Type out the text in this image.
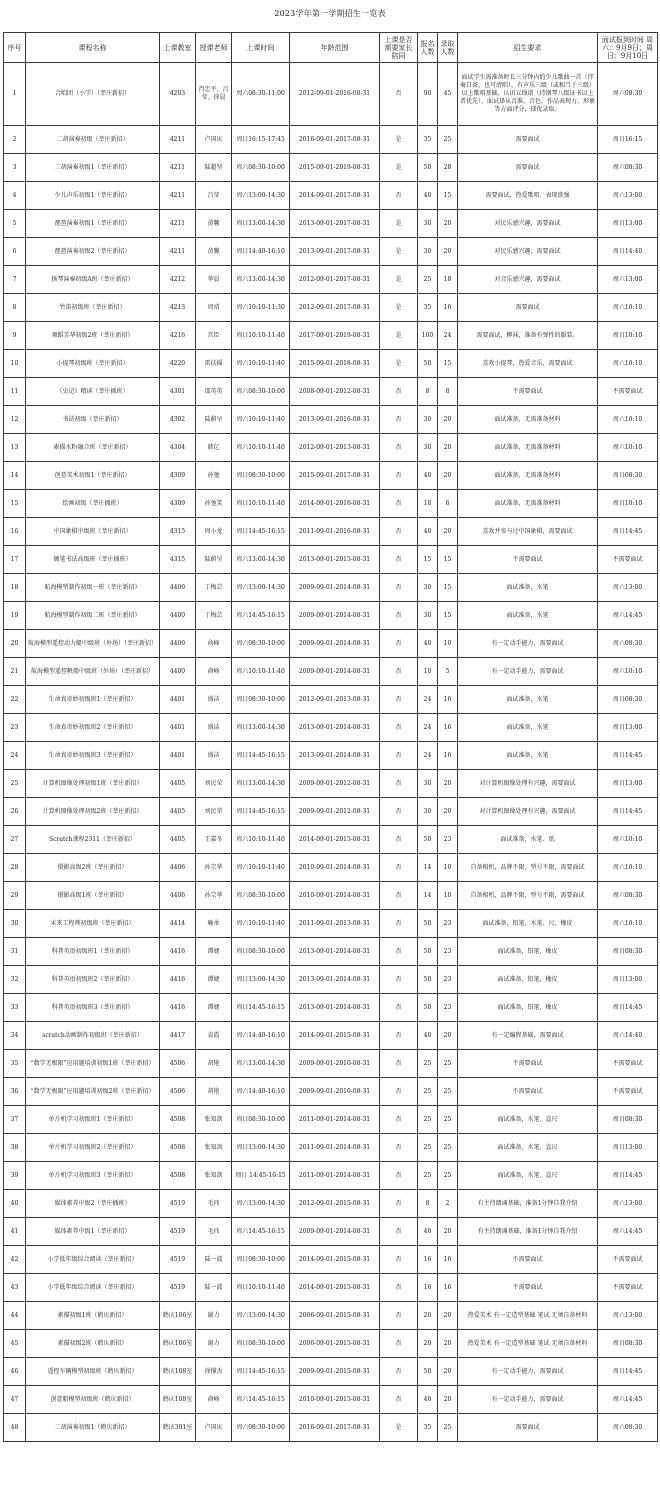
2023学年第一学期招生一览表
序号	课程名称	上课教室	授课老师	上课时间	年龄范围	上课是否需要家长陪同	报名人数	录取人数	招生要求	面试报到时间 周六：9月9日；周日：9月10日
1	合唱团（小学）（莘庄新招）	4203	肖忠平、吕莹、徐晨	周六08:30-11:00	2012-09-01-2016-08-31	否	90	45	面试学生需准备时长三分钟内的少儿歌曲一首（伴奏自备，也可清唱），有声乐三级（或相当于三级）以上歌唱基础、认识五线谱（持钢琴八级证书以上者优先），面试择从音准、音色、作品表现力、形象等方面评分，择优录取。	周六08:30
2	二胡演奏初级（莘庄新招）	4211	卢国庆	周日16:15-17:45	2016-09-01-2017-08-31	是	35	25	需要面试	周日16:15
3	二胡演奏初级1（莘庄新招）	4211	陆超坚	周六08:30-10:00	2015-09-01-2019-08-31	是	50	28	需要面试	周六08:30
4	少儿声乐初级1（莘庄新招）	4211	吕莹	周六13:00-14:30	2014-09-01-2017-08-31	否	40	15	需要面试，热爱歌唱、表现欲强	周六13:00
5	琵琶演奏初级1（莘庄新招）	4211	黄馨	周日13:00-14:30	2013-09-01-2017-08-31	是	30	20	对民乐感兴趣，需要面试	周日13:00
6	琵琶演奏初级2（莘庄新招）	4211	黄馨	周日14:40-16:10	2013-09-01-2017-08-31	是	30	20	对民乐感兴趣，需要面试	周日14:40
7	扬琴演奏初级A班（莘庄新招）	4212	华晨	周六13:00-14:30	2012-09-01-2017-08-31	是	25	18	对音乐感兴趣，需要面试	周六13:00
8	竹笛初级班（莘庄新招）	4213	周靖	周六10:10-11:30	2012-09-01-2017-08-31	是	35	16	需要面试	周六10:10
9	舞蹈芳华初级2班（莘庄新招）	4216	宫臣	周日10:10-11:40	2017-09-01-2019-08-31	是	100	24	需要面试，柳袜，准备有弹性的服装。	周日10:10
10	小提琴初级班（莘庄新招）	4220	雷扶摇	周六10:10-11:40	2015-09-01-2018-08-31	是	50	15	喜欢小提琴，热爱音乐，需要面试	周六10:10
11	《史记》精读（莘庄插班）	4301	邵英英	周六08:30-10:00	2008-09-01-2012-08-31	否	8	8	不需要面试	不需要面试
12	书法初级（莘庄新招）	4302	陆蔚呈	周六10:10-11:40	2013-09-01-2016-08-31	否	30	20	面试准备，无需准备材料	周六10:10
13	素描水粉融合班（莘庄新招）	4304	韩亿	周六10:10-11:40	2012-09-01-2013-08-31	否	30	20	面试准备，无需准备材料	周六10:10
14	创意美术初级1（莘庄新招）	4309	孙弛	周日08:30-10:00	2015-09-01-2017-08-31	否	40	20	面试准备，无需准备材料	周日08:30
15	绘画初级（莘庄插班）	4309	孙弛笑	周日10:10-11:40	2014-09-01-2016-08-31	否	18	6	面试准备，无需准备材料	周日10:10
16	中国象棋中级班（莘庄新招）	4315	周小龙	周日14:45-16:15	2011-09-01-2016-08-31	否	40	20	喜欢并参与过中国象棋，需要面试	周日14:45
17	硬笔书法高级班（莘庄插班）	4315	陆蔚呈	周六13:00-14:30	2013-09-01-2015-08-31	否	15	15	不需要面试	不需要面试
18	航海模型制作初级一班（莘庄新招）	4400	丁梅芸	周六13:00-14:30	2009-09-01-2014-08-31	否	30	15	面试准备，水笔	周六13:00
19	航海模型制作初级二班（莘庄新招）	4400	丁梅芸	周六14:45-16:15	2009-09-01-2014-08-31	否	30	15	面试准备，水笔	周六14:45
20	航海模型遥控动力艇中级班（外场）（莘庄新招）	4400	俞峰	周六08:30-10:00	2009-09-01-2014-08-31	否	40	10	有一定动手能力，需要面试	周六08:30
21	航海模型遥控帆船中级班（外场）（莘庄新招）	4400	俞峰	周六10:10-11:40	2009-09-01-2014-08-31	否	10	5	有一定动手能力，需要面试	周六10:10
22	生命真奇妙初级班1（莘庄新招）	4401	盛洁	周日08:30-10:00	2012-09-01-2013-08-31	否	24	16	面试准备，水笔	周日08:30
23	生命真奇妙初级班2（莘庄新招）	4401	盛洁	周日13:00-14:30	2013-09-01-2014-08-31	否	24	16	面试准备，水笔	周日13:00
24	生命真奇妙初级班3（莘庄新招）	4401	盛洁	周日14:45-16:15	2013-09-01-2014-08-31	否	24	16	面试准备，水笔	周日14:45
25	计算机图像处理初级1班（莘庄新招）	4405	刘民荣	周日13:00-14:30	2009-09-01-2012-08-31	否	30	20	对计算机图像处理有兴趣，需要面试	周日13:00
26	计算机图像处理初级2班（莘庄新招）	4405	刘民荣	周日14:45-16:15	2009-09-01-2012-08-31	否	30	20	对计算机图像处理有兴趣，需要面试	周日14:45
27	Scratch课程2311（莘庄新招）	4405	王嘉冬	周六10:10-11:40	2014-09-01-2015-08-31	否	50	23	面试准备，水笔、纸	周六10:10
28	摄影高级2班（莘庄新招）	4406	孙宗华	周六10:10-11:40	2010-09-01-2014-08-31	否	14	10	自备相机，品牌不限，型号不限，需要面试	周六10:10
29	摄影高级1班（莘庄新招）	4406	孙宗华	周六08:30-10:00	2010-09-01-2014-08-31	否	14	10	自备相机，品牌不限，型号不限，需要面试	周六08:30
30	未来工程师初级班（莘庄新招）	4414	喻承	周六10:10-11:40	2011-09-01-2013-08-31	否	50	23	面试准备，铅笔、水笔、尺、橡皮	周六10:10
31	科普英语初级班1（莘庄新招）	4416	谭婕	周日08:30-10:00	2013-09-01-2014-08-31	否	50	23	面试准备，铅笔，橡皮	周日08:30
32	科普英语初级班2（莘庄新招）	4416	谭婕	周日13:00-14:30	2013-09-01-2014-08-31	否	50	23	面试准备，铅笔，橡皮	周日13:00
33	科普英语初级班3（莘庄新招）	4416	谭婕	周日14:45-16:15	2013-09-01-2014-08-31	否	50	23	面试准备，铅笔，橡皮	周日14:45
34	scratch动画制作初级班（莘庄新招）	4417	袁霞	周六14:40-16:10	2014-09-01-2015-08-31	否	40	20	有一定编程基础，需要面试	周六14:40
35	“数学无极限”应用题培训初级1班（莘庄新招）	4506	胡艳	周六13:00-14:30	2009-09-01-2010-08-31	否	25	25	不需要面试	不需要面试
36	“数学无极限”应用题培训初级2班（莘庄新招）	4506	胡艳	周六14:40-16:10	2009-09-01-2010-08-31	否	25	25	不需要面试	不需要面试
37	单片机学习初级班1（莘庄新招）	4508	张知剑	周日08:30-10:00	2011-09-01-2014-08-31	否	25	25	面试准备，水笔、直尺	周日08:30
38	单片机学习初级班2（莘庄新招）	4508	张知剑	周日13:00-14:30	2011-09-01-2014-08-31	否	25	25	面试准备，水笔、直尺	周日13:00
39	单片机学习初级班3（莘庄新招）	4508	张知剑	周日 14:45-16:15	2011-09-01-2014-08-31	否	25	25	面试准备，水笔、直尺	周日14:45
40	媒体素养中级2（莘庄插班）	4519	毛玮	周六13:00-14:30	2012-09-01-2015-08-31	否	8	2	有主持朗诵基础，准备1分钟自我介绍	周六13:00
41	媒体素养中级1（莘庄新招）	4519	毛玮	周六14:45-16:15	2009-09-01-2014-08-31	否	40	20	有主持朗诵基础，准备1分钟自我介绍	周六14:45
42	小学低年级综合阅读（莘庄新招）	4519	陆一波	周日08:30-10:00	2014-09-01-2015-08-31	否	16	16	不需要面试	不需要面试
43	小学低年级综合阅读（莘庄新招）	4519	陆一波	周日10:10-11:40	2014-09-01-2015-08-31	否	16	16	不需要面试	不需要面试
44	素描初级1班（鹤庆新招）	鹤庆106室	谢力	周六13:00-14:30	2006-09-01-2015-08-31	否	20	20	热爱美术 有一定造型基础 笔试 无须自备材料	周六13:00
45	素描初级2班（鹤庆新招）	鹤庆106室	谢力	周日08:30-10:00	2006-09-01-2015-08-31	否	20	20	热爱美术 有一定造型基础 笔试 无须自备材料	周日08:30
46	遥控车辆模型初级班（鹤庆新招）	鹤庆108室	徐撑杰	周日14:45-16:15	2009-09-01-2015-08-31	否	50	20	有一定动手能力，需要面试	周日14:45
47	创意船模型初级班（鹤庆新招）	鹤庆108室	俞峰	周六14:45-16:15	2010-09-01-2015-08-31	否	40	20	有一定动手能力，需要面试	周六14:45
48	二胡演奏初级1（鹤庆新招）	鹤庆301室	卢国庆	周六08:30-10:00	2016-09-01-2017-08-31	是	35	25	需要面试	周六08:30
